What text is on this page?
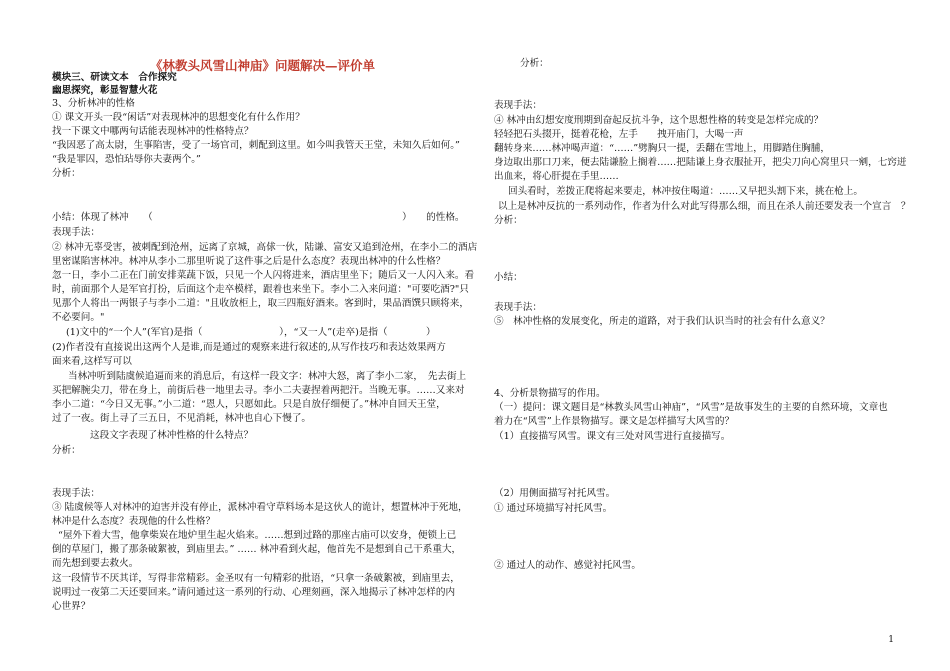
《林教头风雪山神庙》问题解决—评价单
模块三、研读文本　合作探究
幽思探究，彰显智慧火花
3、分析林冲的性格
① 课文开头一段“闲话”对表现林冲的思想变化有什么作用？
找一下课文中哪两句话能表现林冲的性格特点？
“我因恶了高太尉，生事陷害，受了一场官司，刺配到这里。如今叫我管天王堂，未知久后如何。”
“我是罪囚，恐怕玷辱你夫妻两个。”
分析：
小结：体现了林冲　　（　　　　　　　　　　　　　　　　　　　　　　　　　　）　　的性格。
表现手法：
② 林冲无辜受害，被刺配到沧州，远离了京城，高俅一伙，陆谦、富安又追到沧州，在李小二的酒店
里密谋陷害林冲。林冲从李小二那里听说了这件事之后是什么态度？表现出林冲的什么性格？
忽一日，李小二正在门前安排菜蔬下饭，只见一个人闪将进来，酒店里坐下；随后又一人闪入来。看
时，前面那个人是军官打扮，后面这个走卒模样，跟着也来坐下。李小二入来问道："可要吃酒?"只
见那个人将出一两银子与李小二道："且收放柜上，取三四瓶好酒来。客到时，果品酒馔只顾将来，
不必要问。"
(1)文中的“一个人”(军官)是指（　　　　　　　　），“又一人”(走卒)是指（　　　　）
(2)作者没有直接说出这两个人是谁,而是通过的观察来进行叙述的,从写作技巧和表达效果两方
面来看,这样写可以
当林冲听到陆虞候追逼而来的消息后，有这样一段文字：林冲大怒，离了李小二家，　先去街上
买把解腕尖刀，带在身上，前街后巷一地里去寻。李小二夫妻捏着两把汗。当晚无事。……又来对
李小二道：“今日又无事。”小二道：“恩人，只愿如此。只是自放仔细便了。”林冲自回天王堂，
过了一夜。街上寻了三五日，不见消耗，林冲也自心下慢了。
这段文字表现了林冲性格的什么特点？
分析：
表现手法：
③ 陆虞候等人对林冲的迫害并没有停止，派林冲看守草料场本是这伙人的诡计，想置林冲于死地，
林冲是什么态度？表现他的什么性格？
“屋外下着大雪，他拿柴炭在地炉里生起火焰来。……想到过路的那座古庙可以安身，便锁上已
倒的草屋门，搬了那条破絮被，到庙里去。” …… 林冲看到火起，他首先不是想到自己干系重大，
而先想到要去救火。
这一段情节不厌其详，写得非常精彩。金圣叹有一句精彩的批语，“只拿一条破絮被，到庙里去，
说明过一夜第二天还要回来。”请问通过这一系列的行动、心理刻画，深入地揭示了林冲怎样的内
心世界？
分析：
表现手法：
④ 林冲由幻想安度刑期到奋起反抗斗争，这个思想性格的转变是怎样完成的？
轻轻把石头掇开，挺着花枪，左手　　拽开庙门，大喝一声
翻转身来……林冲喝声道：“……”劈胸只一提，丢翻在雪地上，用脚踏住胸脯，
身边取出那口刀来，便去陆谦脸上搁着……把陆谦上身衣服扯开，把尖刀向心窝里只一剜，七窍迸
出血来，将心肝提在手里……
回头看时，差拨正爬将起来要走，林冲按住喝道：……又早把头割下来，挑在枪上。
以上是林冲反抗的一系列动作，作者为什么对此写得那么细，而且在杀人前还要发表一个宣言　？
分析：
小结：
表现手法：
⑤　林冲性格的发展变化，所走的道路，对于我们认识当时的社会有什么意义？
4、分析景物描写的作用。
（一）提问：课文题目是“林教头风雪山神庙”，“风雪”是故事发生的主要的自然环境，文章也
着力在“风雪”上作景物描写。课文是怎样描写大风雪的？
（1）直接描写风雪。课文有三处对风雪进行直接描写。
（2）用侧面描写衬托风雪。
① 通过环境描写衬托风雪。
② 通过人的动作、感觉衬托风雪。
1
